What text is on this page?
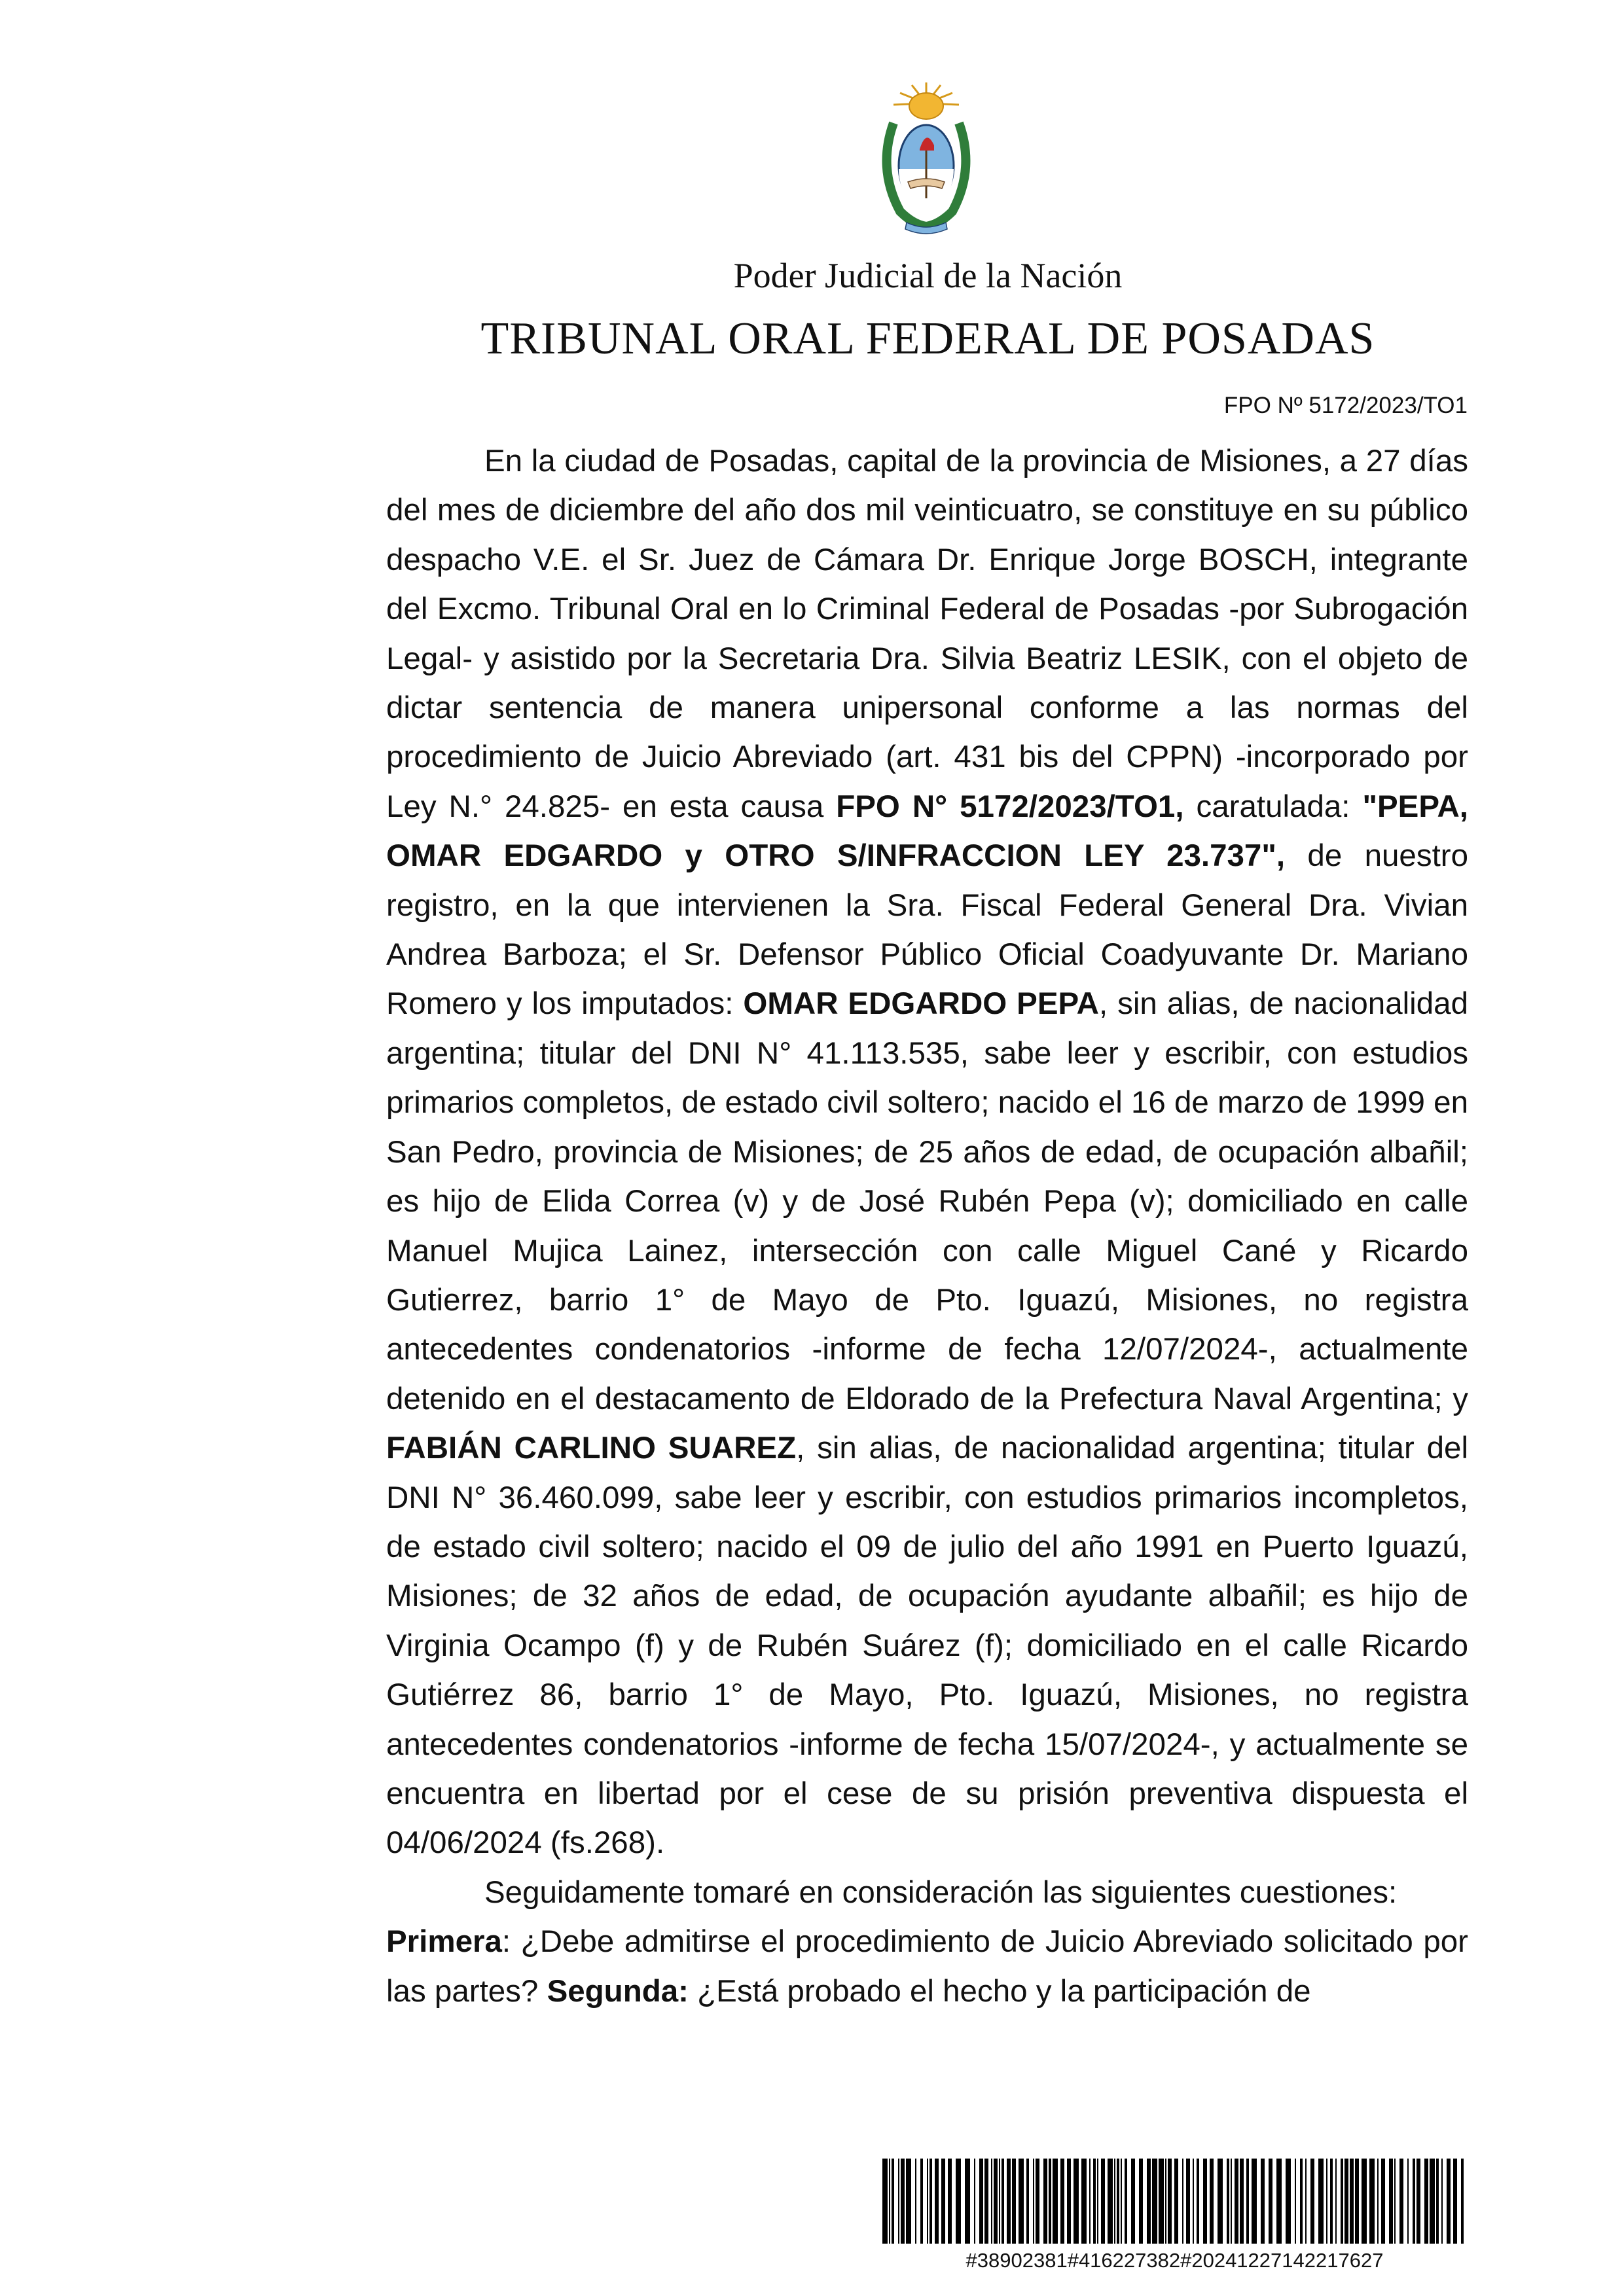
Poder Judicial de la Nación
TRIBUNAL ORAL FEDERAL DE POSADAS
FPO Nº 5172/2023/TO1

En la ciudad de Posadas, capital de la provincia de Misiones, a 27 días del mes de diciembre del año dos mil veinticuatro, se constituye en su público despacho V.E. el Sr. Juez de Cámara Dr. Enrique Jorge BOSCH, integrante del Excmo. Tribunal Oral en lo Criminal Federal de Posadas -por Subrogación Legal- y asistido por la Secretaria Dra. Silvia Beatriz LESIK, con el objeto de dictar sentencia de manera unipersonal conforme a las normas del procedimiento de Juicio Abreviado (art. 431 bis del CPPN) -incorporado por Ley N.° 24.825- en esta causa FPO N° 5172/2023/TO1, caratulada: "PEPA, OMAR EDGARDO y OTRO S/INFRACCION LEY 23.737", de nuestro registro, en la que intervienen la Sra. Fiscal Federal General Dra. Vivian Andrea Barboza; el Sr. Defensor Público Oficial Coadyuvante Dr. Mariano Romero y los imputados: OMAR EDGARDO PEPA, sin alias, de nacionalidad argentina; titular del DNI N° 41.113.535, sabe leer y escribir, con estudios primarios completos, de estado civil soltero; nacido el 16 de marzo de 1999 en San Pedro, provincia de Misiones; de 25 años de edad, de ocupación albañil; es hijo de Elida Correa (v) y de José Rubén Pepa (v); domiciliado en calle Manuel Mujica Lainez, intersección con calle Miguel Cané y Ricardo Gutierrez, barrio 1° de Mayo de Pto. Iguazú, Misiones, no registra antecedentes condenatorios -informe de fecha 12/07/2024-, actualmente detenido en el destacamento de Eldorado de la Prefectura Naval Argentina; y FABIÁN CARLINO SUAREZ, sin alias, de nacionalidad argentina; titular del DNI N° 36.460.099, sabe leer y escribir, con estudios primarios incompletos, de estado civil soltero; nacido el 09 de julio del año 1991 en Puerto Iguazú, Misiones; de 32 años de edad, de ocupación ayudante albañil; es hijo de Virginia Ocampo (f) y de Rubén Suárez (f); domiciliado en el calle Ricardo Gutiérrez 86, barrio 1° de Mayo, Pto. Iguazú, Misiones, no registra antecedentes condenatorios -informe de fecha 15/07/2024-, y actualmente se encuentra en libertad por el cese de su prisión preventiva dispuesta el 04/06/2024 (fs.268).

Seguidamente tomaré en consideración las siguientes cuestiones:

Primera: ¿Debe admitirse el procedimiento de Juicio Abreviado solicitado por las partes? Segunda: ¿Está probado el hecho y la participación de

#38902381#416227382#20241227142217627
